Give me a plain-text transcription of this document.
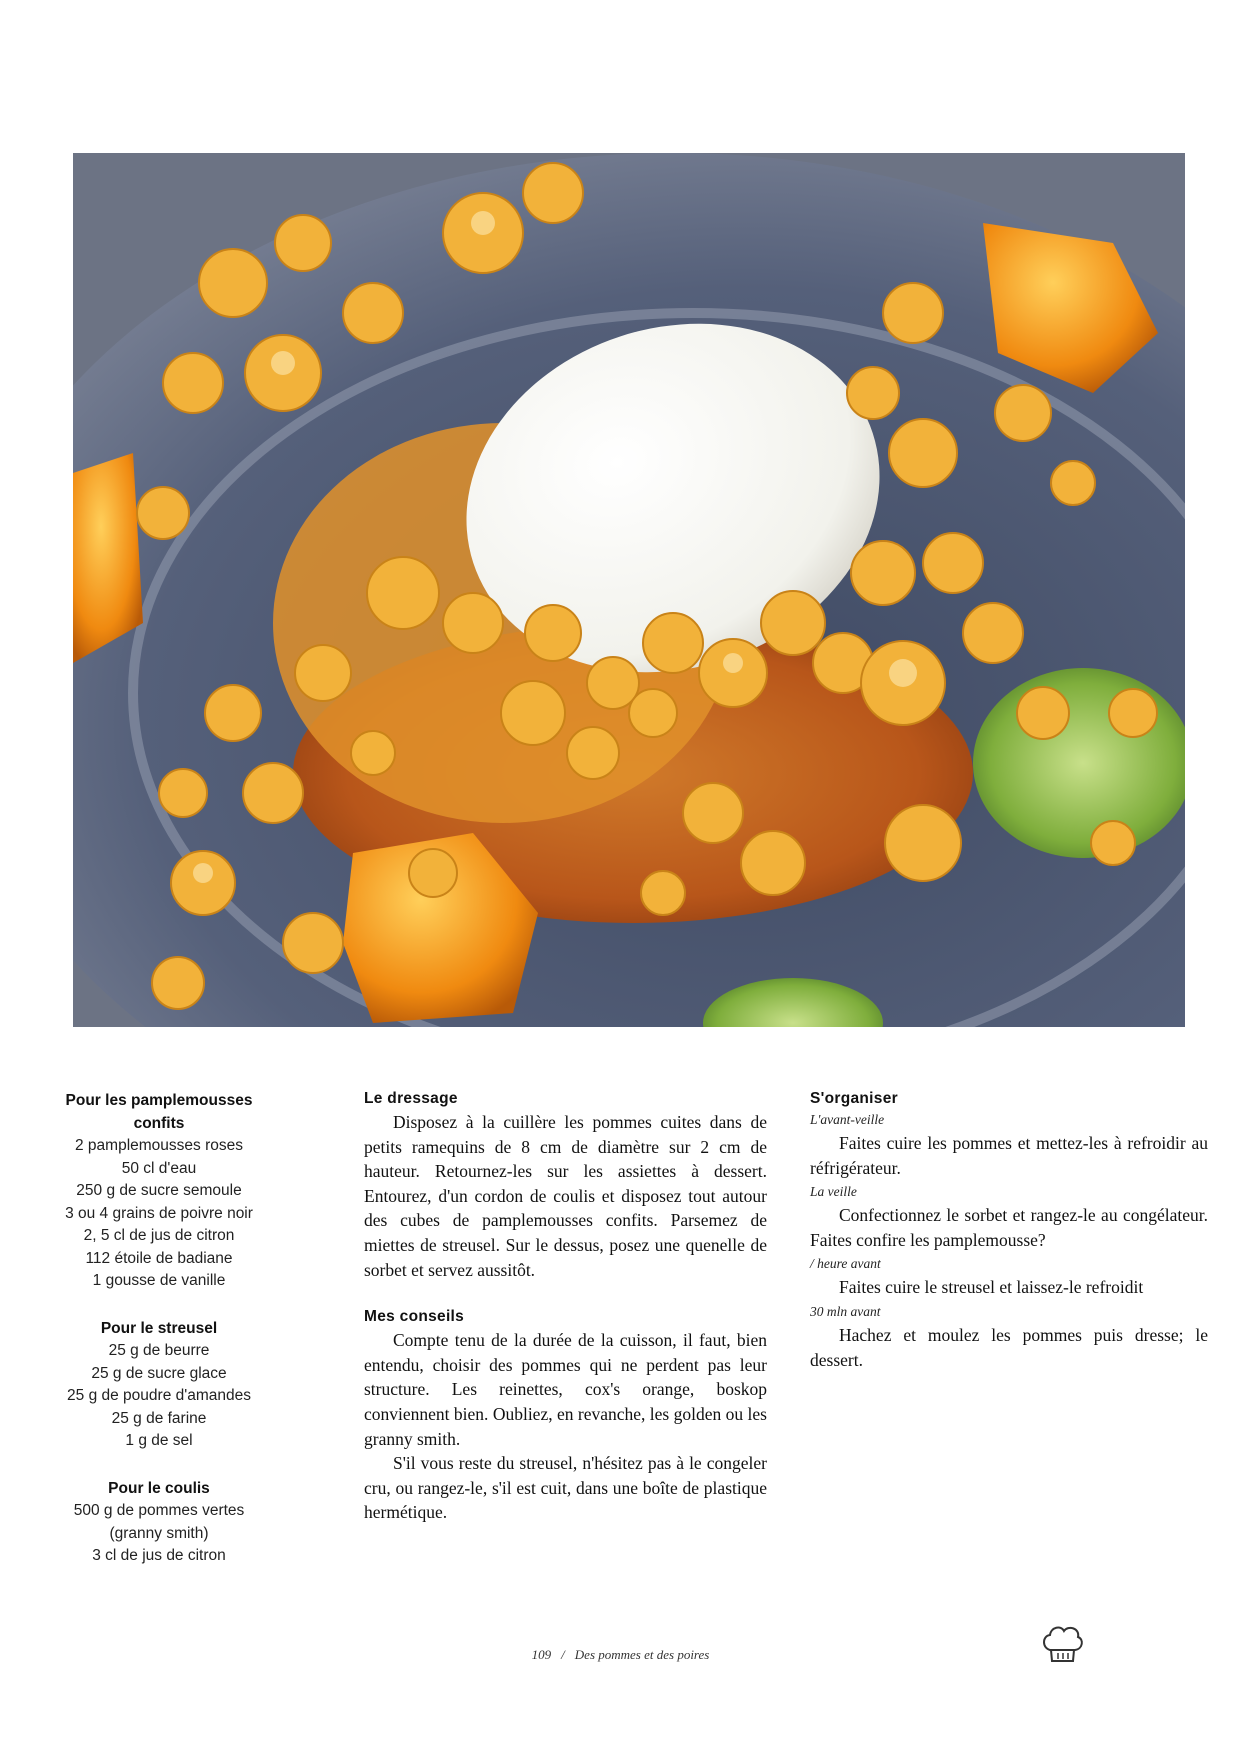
Pour les pamplemousses confits
2 pamplemousses roses
50 cl d'eau
250 g de sucre semoule
3 ou 4 grains de poivre noir
2, 5 cl de jus de citron
112 étoile de badiane
1 gousse de vanille
Pour le streusel
25 g de beurre
25 g de sucre glace
25 g de poudre d'amandes
25 g de farine
1 g de sel
Pour le coulis
500 g de pommes vertes
(granny smith)
3 cl de jus de citron
Le dressage

Disposez à la cuillère les pommes cuites dans de petits ramequins de 8 cm de diamètre sur 2 cm de hauteur. Retournez-les sur les assiettes à dessert. Entourez, d'un cordon de coulis et disposez tout autour des cubes de pamplemousses confits. Parsemez de miettes de streusel. Sur le dessus, posez une quenelle de sorbet et servez aussitôt.

Mes conseils

Compte tenu de la durée de la cuisson, il faut, bien entendu, choisir des pommes qui ne perdent pas leur structure. Les reinettes, cox's orange, boskop conviennent bien. Oubliez, en revanche, les golden ou les granny smith.

S'il vous reste du streusel, n'hésitez pas à le congeler cru, ou rangez-le, s'il est cuit, dans une boîte de plastique hermétique.

S'organiser
L'avant-veille

Faites cuire les pommes et mettez-les à refroidir au réfrigérateur.

La veille

Confectionnez le sorbet et rangez-le au congélateur. Faites confire les pamplemousse?

/ heure avant

Faites cuire le streusel et laissez-le refroidit

30 mln avant

Hachez et moulez les pommes puis dresse; le dessert.

109 / Des pommes et des poires
